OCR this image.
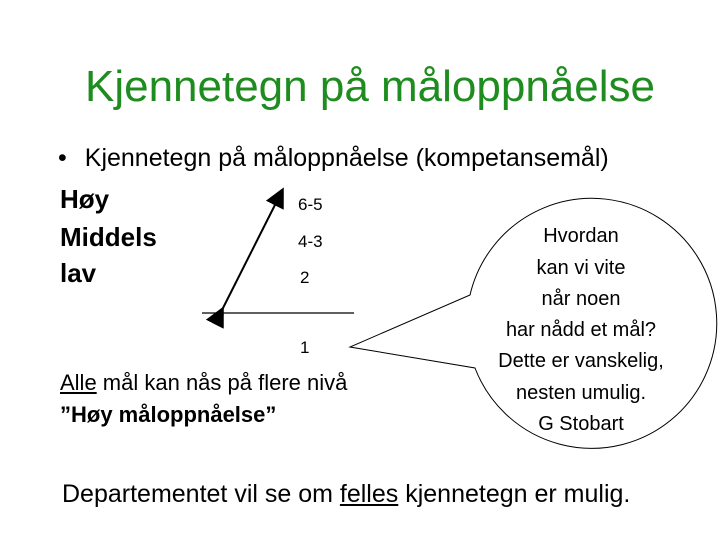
Kjennetegn på måloppnåelse
• Kjennetegn på måloppnåelse (kompetansemål)
Høy
Middels
lav
6-5
4-3
2
1
Hvordan
kan vi vite
når noen
har nådd et mål?
Dette er vanskelig,
nesten umulig.
G Stobart
Alle mål kan nås på flere nivå
”Høy måloppnåelse”
Departementet vil se om felles kjennetegn er mulig.
